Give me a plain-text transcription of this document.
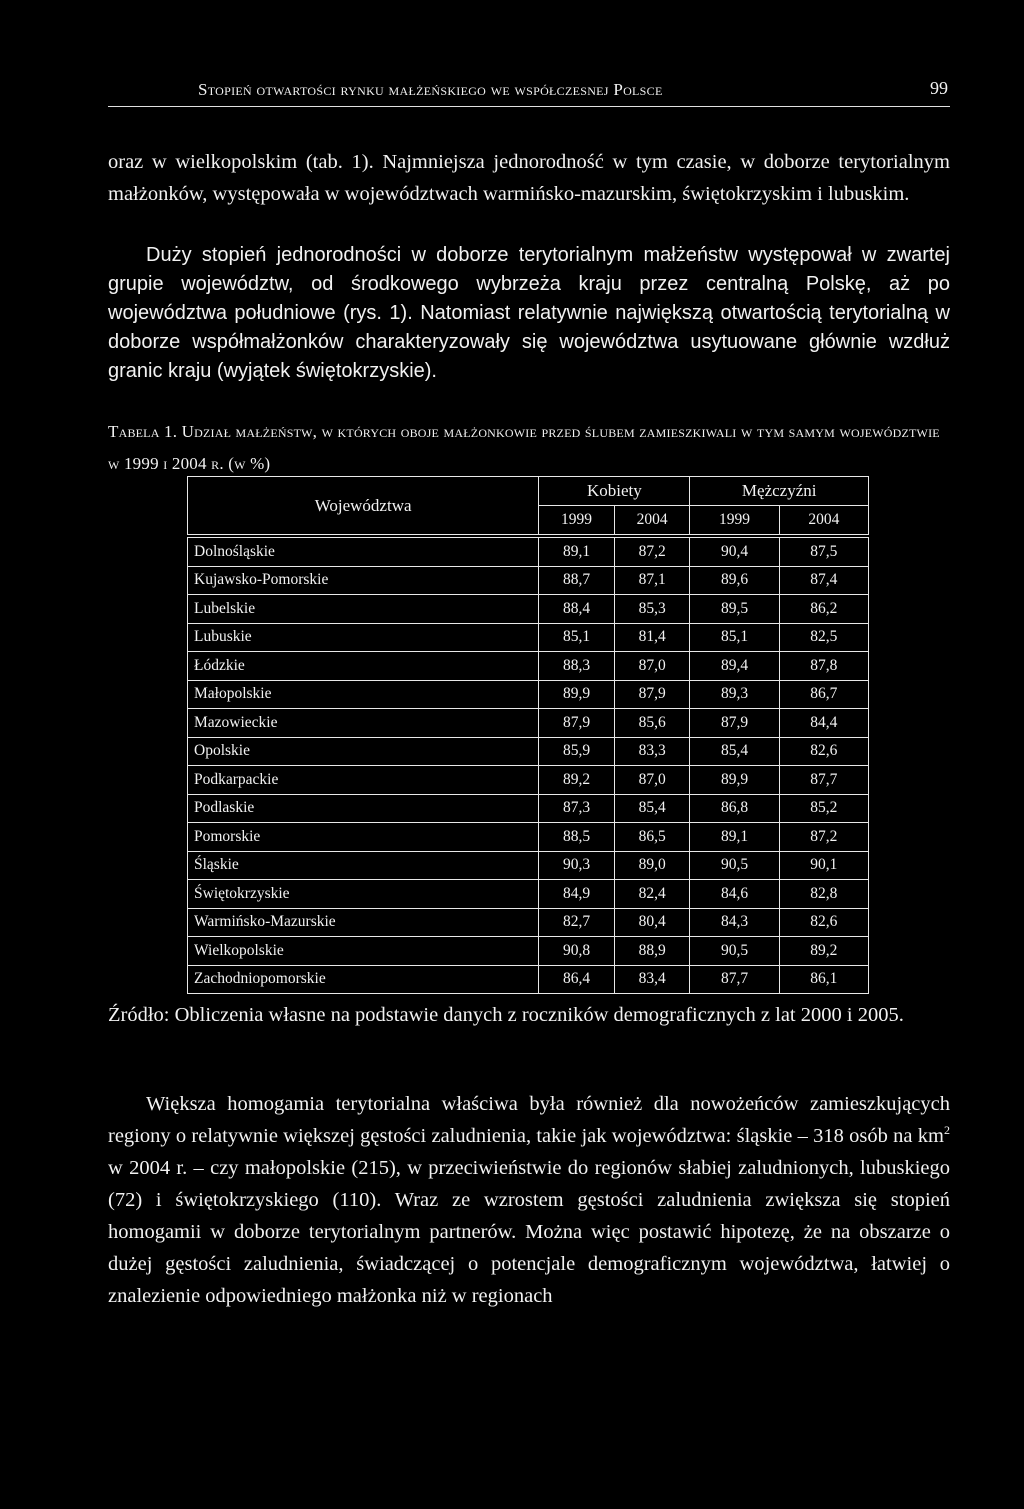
Stopień otwartości rynku małżeńskiego we współczesnej Polsce	99

oraz w wielkopolskim (tab. 1). Najmniejsza jednorodność w tym czasie, w doborze terytorialnym małżonków, występowała w województwach warmińsko-mazurskim, świętokrzyskim i lubuskim.

Duży stopień jednorodności w doborze terytorialnym małżeństw występował w zwartej grupie województw, od środkowego wybrzeża kraju przez centralną Polskę, aż po województwa południowe (rys. 1). Natomiast relatywnie największą otwartością terytorialną w doborze współmałżonków charakteryzowały się województwa usytuowane głównie wzdłuż granic kraju (wyjątek świętokrzyskie).

Tabela 1. Udział małżeństw, w których oboje małżonkowie przed ślubem zamieszkiwali w tym samym województwie w 1999 i 2004 r. (w %)

Województwa	Kobiety		Mężczyźni	
	1999	2004	1999	2004
Dolnośląskie	89,1	87,2	90,4	87,5
Kujawsko-Pomorskie	88,7	87,1	89,6	87,4
Lubelskie	88,4	85,3	89,5	86,2
Lubuskie	85,1	81,4	85,1	82,5
Łódzkie	88,3	87,0	89,4	87,8
Małopolskie	89,9	87,9	89,3	86,7
Mazowieckie	87,9	85,6	87,9	84,4
Opolskie	85,9	83,3	85,4	82,6
Podkarpackie	89,2	87,0	89,9	87,7
Podlaskie	87,3	85,4	86,8	85,2
Pomorskie	88,5	86,5	89,1	87,2
Śląskie	90,3	89,0	90,5	90,1
Świętokrzyskie	84,9	82,4	84,6	82,8
Warmińsko-Mazurskie	82,7	80,4	84,3	82,6
Wielkopolskie	90,8	88,9	90,5	89,2
Zachodniopomorskie	86,4	83,4	87,7	86,1

Źródło: Obliczenia własne na podstawie danych z roczników demograficznych z lat 2000 i 2005.

Większa homogamia terytorialna właściwa była również dla nowożeńców zamieszkujących regiony o relatywnie większej gęstości zaludnienia, takie jak województwa: śląskie – 318 osób na $km^2$ w 2004 r. – czy małopolskie (215), w przeciwieństwie do regionów słabiej zaludnionych, lubuskiego (72) i świętokrzyskiego (110). Wraz ze wzrostem gęstości zaludnienia zwiększa się stopień homogamii w doborze terytorialnym partnerów. Można więc postawić hipotezę, że na obszarze o dużej gęstości zaludnienia, świadczącej o potencjale demograficznym województwa, łatwiej o znalezienie odpowiedniego małżonka niż w regionach
